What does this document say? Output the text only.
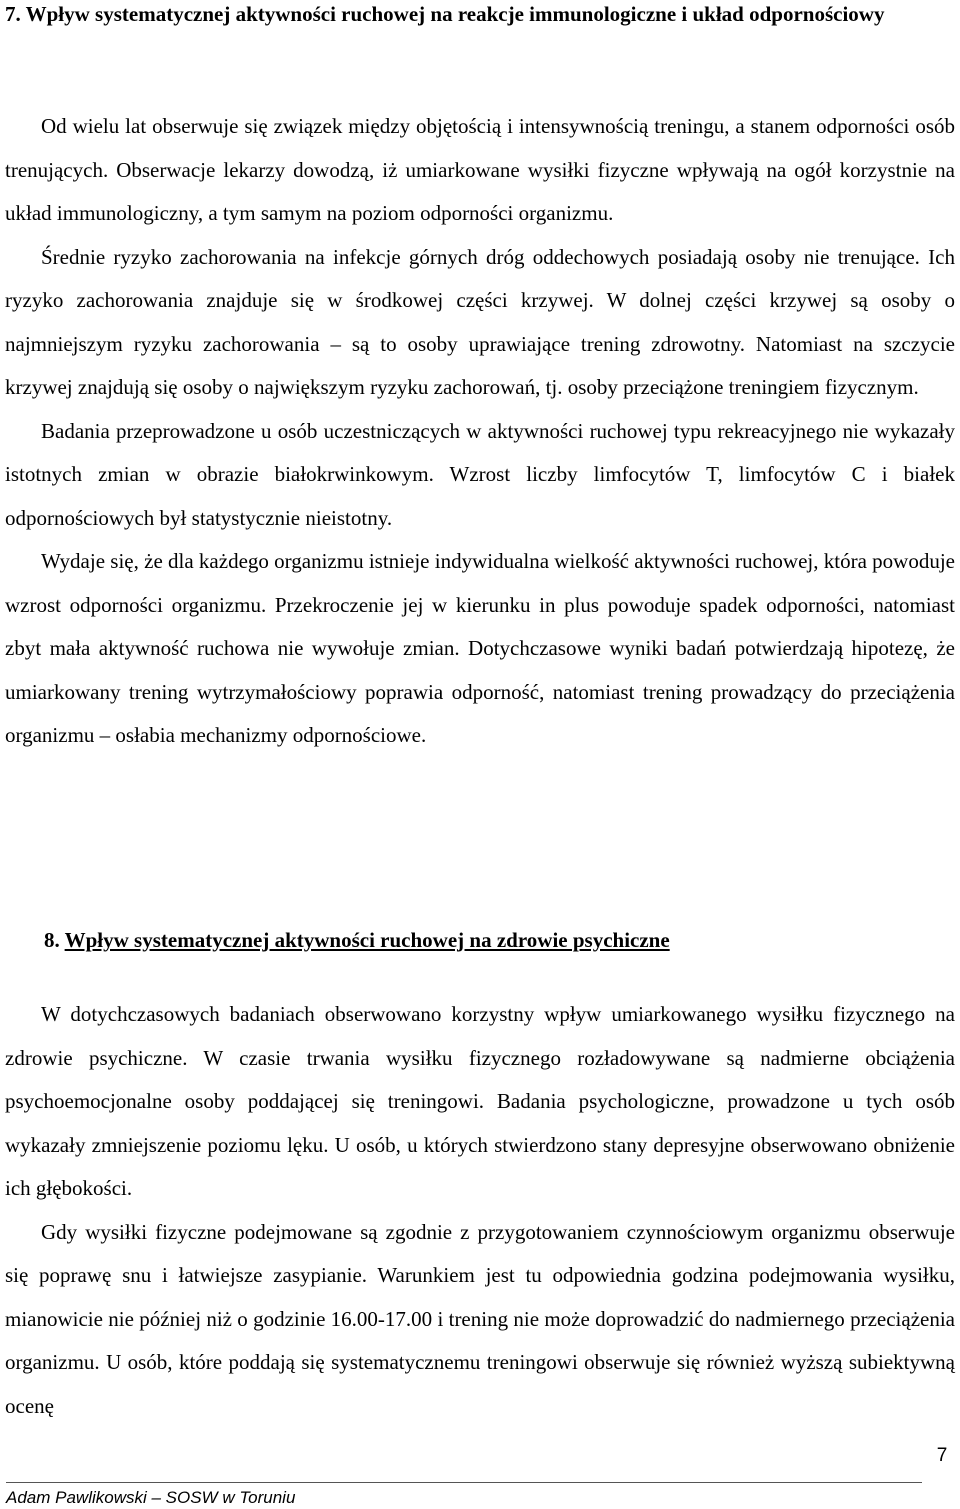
7. Wpływ systematycznej aktywności ruchowej na reakcje immunologiczne i układ odpornościowy

Od wielu lat obserwuje się związek między objętością i intensywnością treningu, a stanem odporności osób trenujących. Obserwacje lekarzy dowodzą, iż umiarkowane wysiłki fizyczne wpływają na ogół korzystnie na układ immunologiczny, a tym samym na poziom odporności organizmu.

Średnie ryzyko zachorowania na infekcje górnych dróg oddechowych posiadają osoby nie trenujące. Ich ryzyko zachorowania znajduje się w środkowej części krzywej. W dolnej części krzywej są osoby o najmniejszym ryzyku zachorowania – są to osoby uprawiające trening zdrowotny. Natomiast na szczycie krzywej znajdują się osoby o największym ryzyku zachorowań, tj. osoby przeciążone treningiem fizycznym.

Badania przeprowadzone u osób uczestniczących w aktywności ruchowej typu rekreacyjnego nie wykazały istotnych zmian w obrazie białokrwinkowym. Wzrost liczby limfocytów T, limfocytów C i białek odpornościowych był statystycznie nieistotny.

Wydaje się, że dla każdego organizmu istnieje indywidualna wielkość aktywności ruchowej, która powoduje wzrost odporności organizmu. Przekroczenie jej w kierunku in plus powoduje spadek odporności, natomiast zbyt mała aktywność ruchowa nie wywołuje zmian. Dotychczasowe wyniki badań potwierdzają hipotezę, że umiarkowany trening wytrzymałościowy poprawia odporność, natomiast trening prowadzący do przeciążenia organizmu – osłabia mechanizmy odpornościowe.

8. Wpływ systematycznej aktywności ruchowej na zdrowie psychiczne

W dotychczasowych badaniach obserwowano korzystny wpływ umiarkowanego wysiłku fizycznego na zdrowie psychiczne. W czasie trwania wysiłku fizycznego rozładowywane są nadmierne obciążenia psychoemocjonalne osoby poddającej się treningowi. Badania psychologiczne, prowadzone u tych osób wykazały zmniejszenie poziomu lęku. U osób, u których stwierdzono stany depresyjne obserwowano obniżenie ich głębokości.

Gdy wysiłki fizyczne podejmowane są zgodnie z przygotowaniem czynnościowym organizmu obserwuje się poprawę snu i łatwiejsze zasypianie. Warunkiem jest tu odpowiednia godzina podejmowania wysiłku, mianowicie nie później niż o godzinie 16.00-17.00 i trening nie może doprowadzić do nadmiernego przeciążenia organizmu. U osób, które poddają się systematycznemu treningowi obserwuje się również wyższą subiektywną ocenę

7
Adam Pawlikowski – SOSW w Toruniu
